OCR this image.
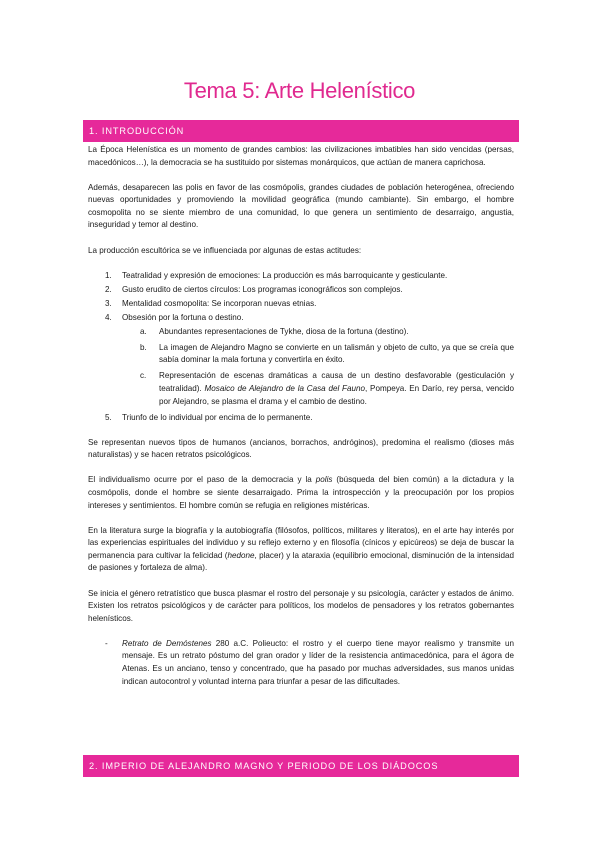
Tema 5: Arte Helenístico
1. INTRODUCCIÓN

La Época Helenística es un momento de grandes cambios: las civilizaciones imbatibles han sido vencidas (persas, macedónicos…), la democracia se ha sustituido por sistemas monárquicos, que actúan de manera caprichosa.

Además, desaparecen las polis en favor de las cosmópolis, grandes ciudades de población heterogénea, ofreciendo nuevas oportunidades y promoviendo la movilidad geográfica (mundo cambiante). Sin embargo, el hombre cosmopolita no se siente miembro de una comunidad, lo que genera un sentimiento de desarraigo, angustia, inseguridad y temor al destino.

La producción escultórica se ve influenciada por algunas de estas actitudes:

1. Teatralidad y expresión de emociones: La producción es más barroquicante y gesticulante.
2. Gusto erudito de ciertos círculos: Los programas iconográficos son complejos.
3. Mentalidad cosmopolita: Se incorporan nuevas etnias.
4. Obsesión por la fortuna o destino.
a. Abundantes representaciones de Tykhe, diosa de la fortuna (destino).
b. La imagen de Alejandro Magno se convierte en un talismán y objeto de culto, ya que se creía que sabía dominar la mala fortuna y convertirla en éxito.
c. Representación de escenas dramáticas a causa de un destino desfavorable (gesticulación y teatralidad). Mosaico de Alejandro de la Casa del Fauno, Pompeya. En Darío, rey persa, vencido por Alejandro, se plasma el drama y el cambio de destino.
5. Triunfo de lo individual por encima de lo permanente.

Se representan nuevos tipos de humanos (ancianos, borrachos, andróginos), predomina el realismo (dioses más naturalistas) y se hacen retratos psicológicos.

El individualismo ocurre por el paso de la democracia y la polis (búsqueda del bien común) a la dictadura y la cosmópolis, donde el hombre se siente desarraigado. Prima la introspección y la preocupación por los propios intereses y sentimientos. El hombre común se refugia en religiones mistéricas.

En la literatura surge la biografía y la autobiografía (filósofos, políticos, militares y literatos), en el arte hay interés por las experiencias espirituales del individuo y su reflejo externo y en filosofía (cínicos y epicúreos) se deja de buscar la permanencia para cultivar la felicidad (hedone, placer) y la ataraxia (equilibrio emocional, disminución de la intensidad de pasiones y fortaleza de alma).

Se inicia el género retratístico que busca plasmar el rostro del personaje y su psicología, carácter y estados de ánimo. Existen los retratos psicológicos y de carácter para políticos, los modelos de pensadores y los retratos gobernantes helenísticos.

- Retrato de Demóstenes 280 a.C. Polieucto: el rostro y el cuerpo tiene mayor realismo y transmite un mensaje. Es un retrato póstumo del gran orador y líder de la resistencia antimacedónica, para el ágora de Atenas. Es un anciano, tenso y concentrado, que ha pasado por muchas adversidades, sus manos unidas indican autocontrol y voluntad interna para triunfar a pesar de las dificultades.
2. IMPERIO DE ALEJANDRO MAGNO Y PERIODO DE LOS DIÁDOCOS
